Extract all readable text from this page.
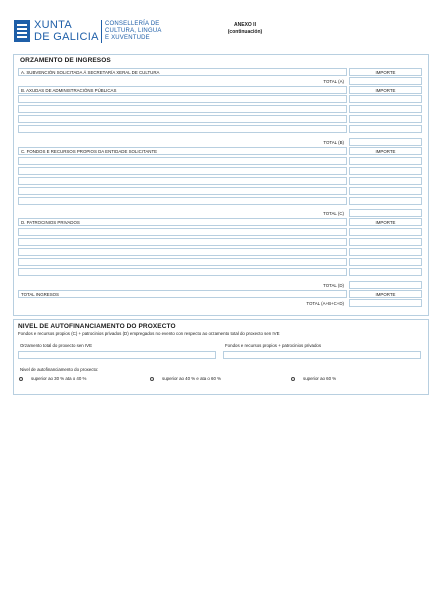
XUNTA
DE GALICIA
CONSELLERÍA DE
CULTURA, LINGUA
E XUVENTUDE
ANEXO II
(continuación)
ORZAMENTO DE INGRESOS
A. SUBVENCIÓN SOLICITADA Á SECRETARÍA XERAL DE CULTURA	IMPORTE
TOTAL (A)
B. AXUDAS DE ADMINISTRACIÓNS PÚBLICAS	IMPORTE
TOTAL (B)
C. FONDOS E RECURSOS PROPIOS DA ENTIDADE SOLICITANTE	IMPORTE
TOTAL (C)
D. PATROCINIOS PRIVADOS	IMPORTE
TOTAL (D)
TOTAL INGRESOS	IMPORTE
TOTAL (A+B+C+D)
NIVEL DE AUTOFINANCIAMENTO DO PROXECTO
Fondos e recursos propios (C) + patrocinios privados (D) empregados no evento con respecto ao orzamento total do proxecto sen IVE
Orzamento total do proxecto sen IVE	Fondos e recursos propios + patrocinios privados
Nivel de autofinanciamento do proxecto:
superior ao 30 % ata o 40 %	superior ao 40 % e ata o 60 %	superior ao 60 %
